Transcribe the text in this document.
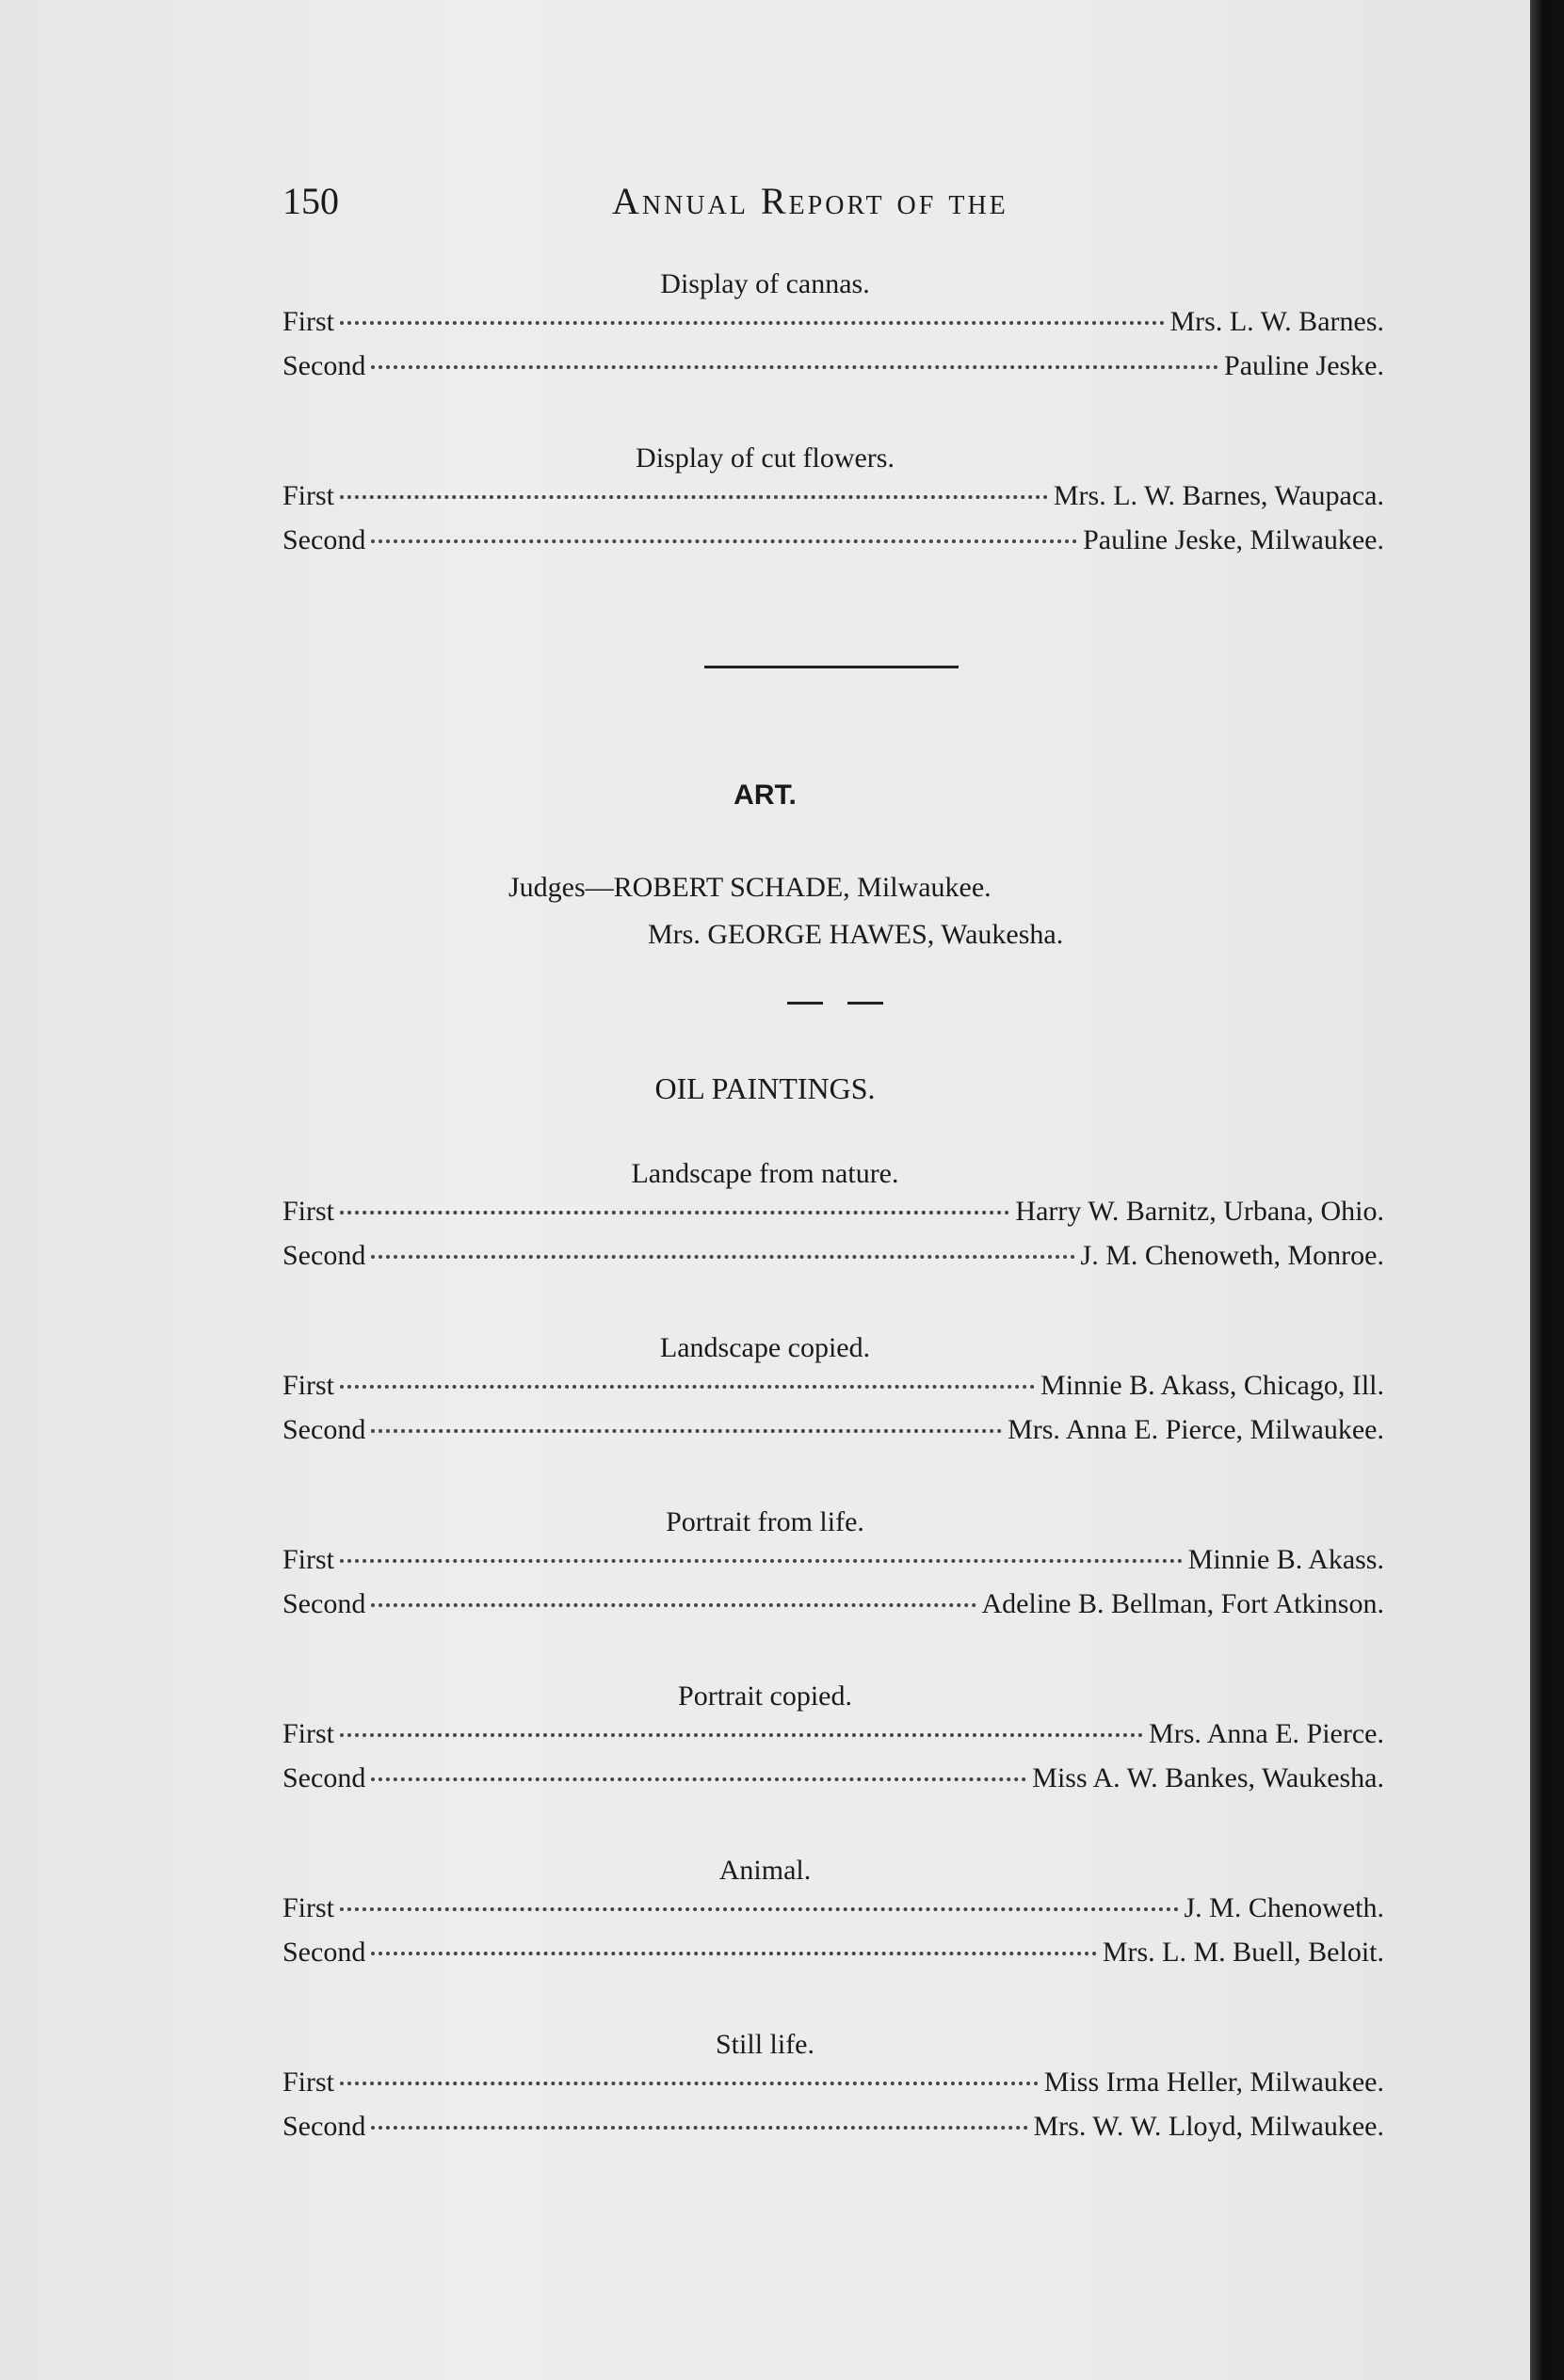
150	Annual Report of the
Display of cannas.
First	Mrs. L. W. Barnes.
Second	Pauline Jeske.
Display of cut flowers.
First	Mrs. L. W. Barnes, Waupaca.
Second	Pauline Jeske, Milwaukee.
ART.
Judges—ROBERT SCHADE, Milwaukee.
Mrs. GEORGE HAWES, Waukesha.
OIL PAINTINGS.
Landscape from nature.
First	Harry W. Barnitz, Urbana, Ohio.
Second	J. M. Chenoweth, Monroe.
Landscape copied.
First	Minnie B. Akass, Chicago, Ill.
Second	Mrs. Anna E. Pierce, Milwaukee.
Portrait from life.
First	Minnie B. Akass.
Second	Adeline B. Bellman, Fort Atkinson.
Portrait copied.
First	Mrs. Anna E. Pierce.
Second	Miss A. W. Bankes, Waukesha.
Animal.
First	J. M. Chenoweth.
Second	Mrs. L. M. Buell, Beloit.
Still life.
First	Miss Irma Heller, Milwaukee.
Second	Mrs. W. W. Lloyd, Milwaukee.
